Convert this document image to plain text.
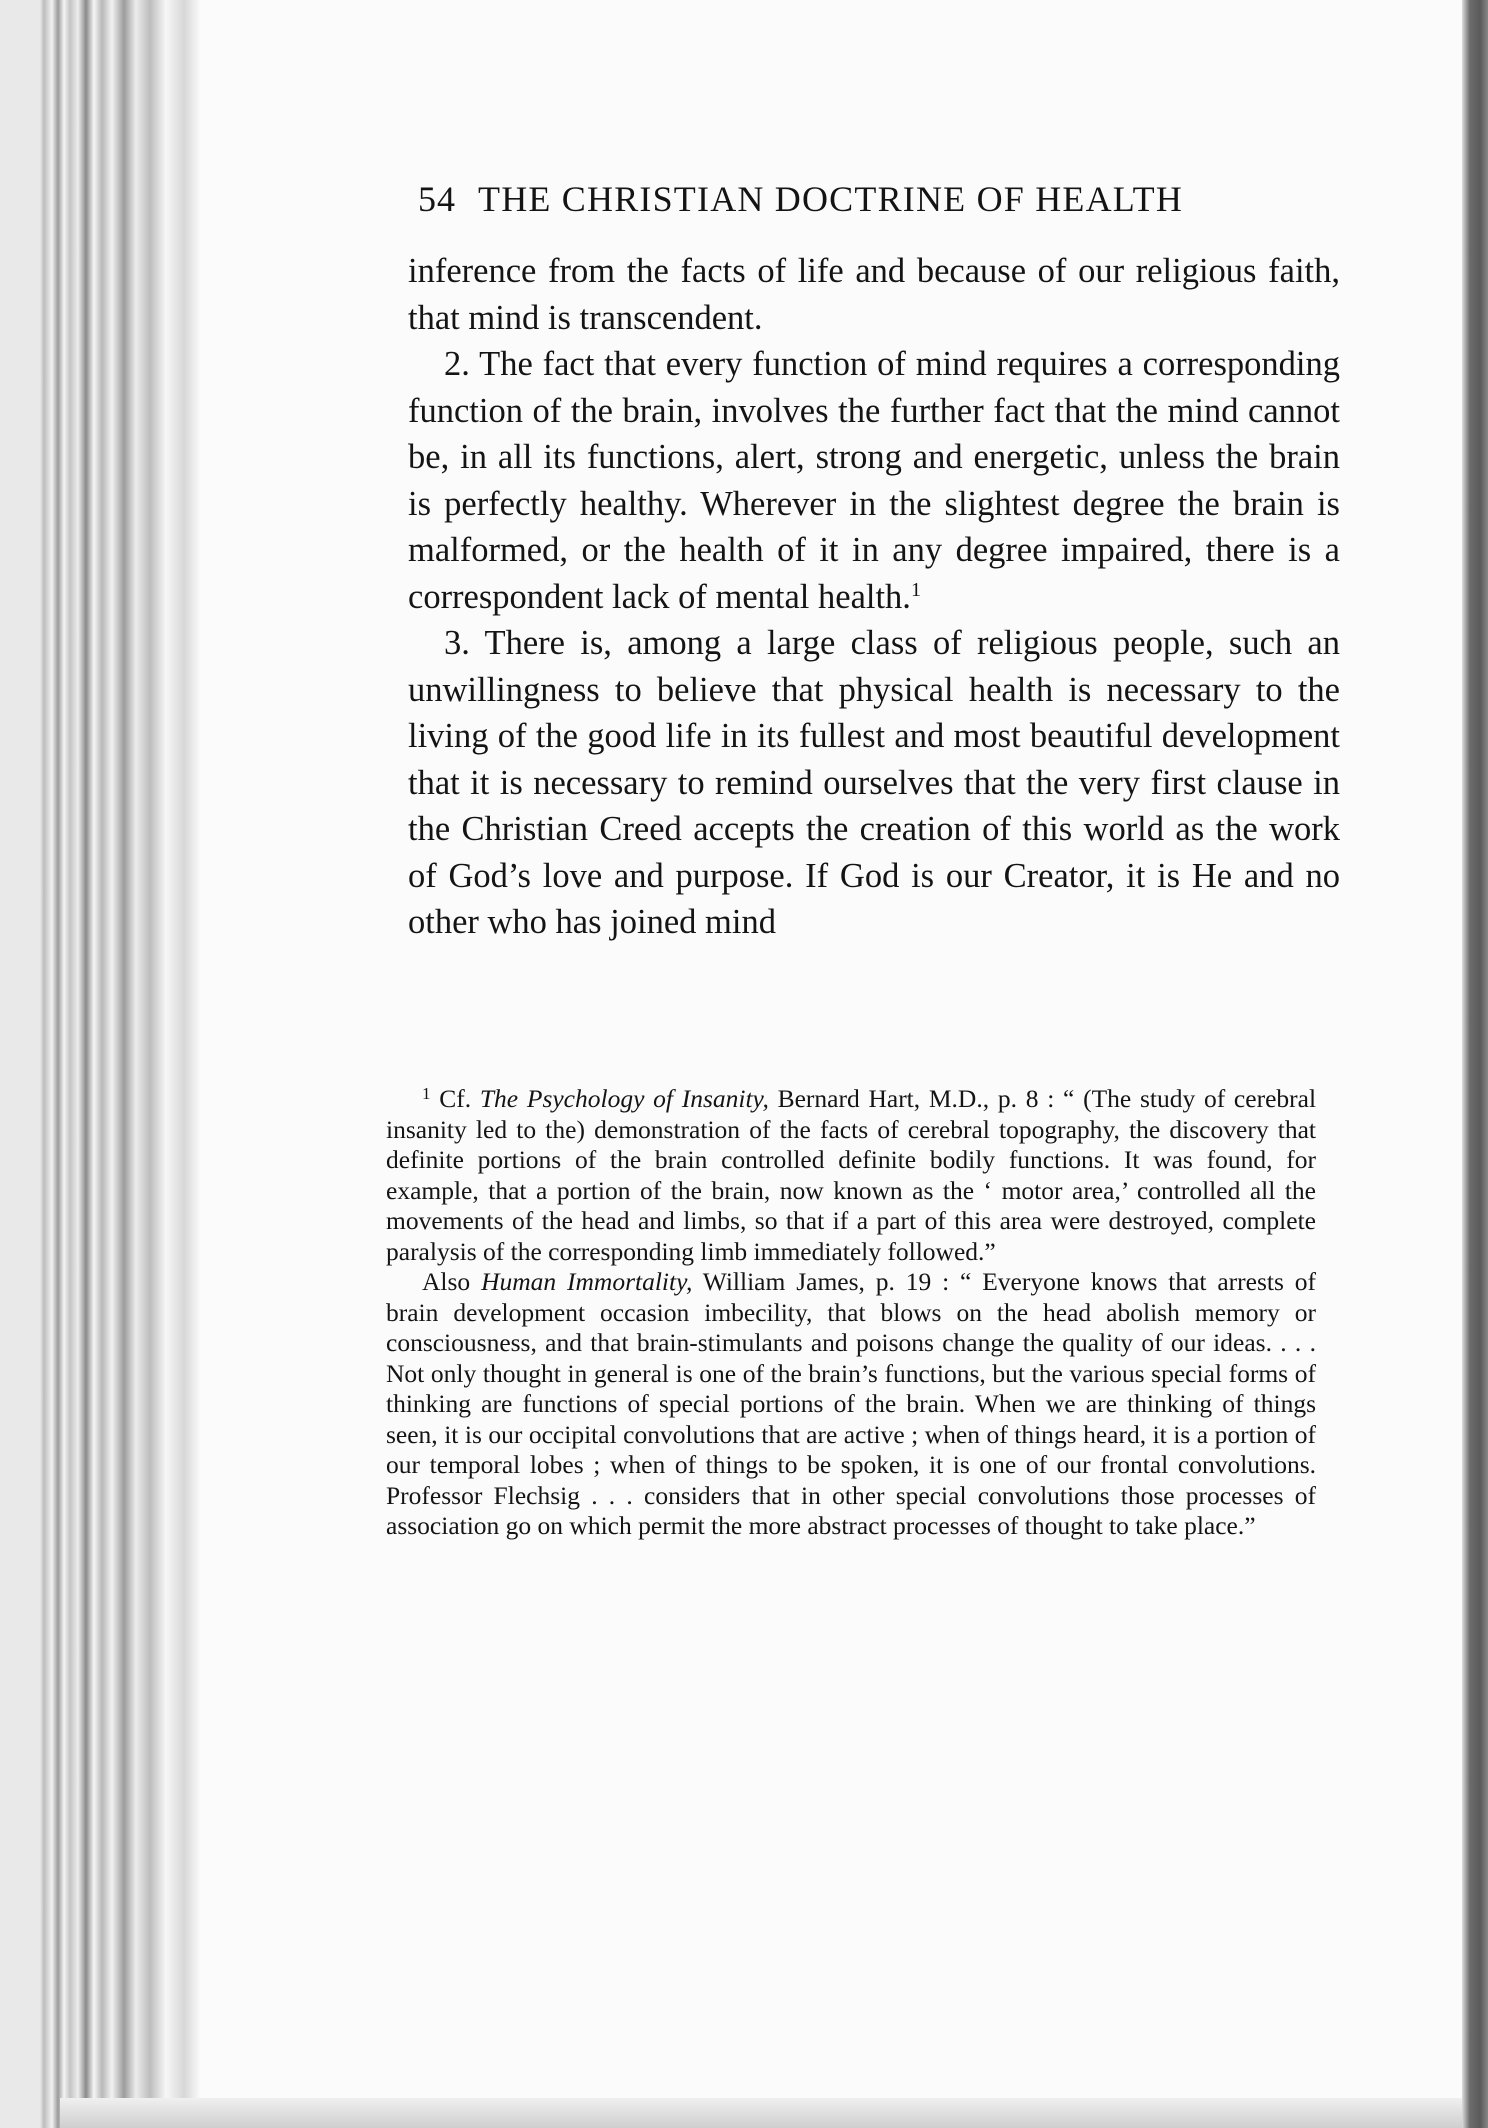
54 THE CHRISTIAN DOCTRINE OF HEALTH

inference from the facts of life and because of our religious faith, that mind is transcendent.

2. The fact that every function of mind requires a corresponding function of the brain, involves the further fact that the mind cannot be, in all its functions, alert, strong and energetic, unless the brain is perfectly healthy. Wherever in the slightest degree the brain is malformed, or the health of it in any degree impaired, there is a correspondent lack of mental health.$^1$

3. There is, among a large class of religious people, such an unwillingness to believe that physical health is necessary to the living of the good life in its fullest and most beautiful development that it is necessary to remind ourselves that the very first clause in the Christian Creed accepts the creation of this world as the work of God’s love and purpose. If God is our Creator, it is He and no other who has joined mind

$^1$ Cf. The Psychology of Insanity, Bernard Hart, M.D., p. 8 : “ (The study of cerebral insanity led to the) demonstration of the facts of cerebral topography, the discovery that definite portions of the brain controlled definite bodily functions. It was found, for example, that a portion of the brain, now known as the ‘ motor area,’ controlled all the movements of the head and limbs, so that if a part of this area were destroyed, complete paralysis of the corresponding limb immediately followed.”

Also Human Immortality, William James, p. 19 : “ Everyone knows that arrests of brain development occasion imbecility, that blows on the head abolish memory or consciousness, and that brain-stimulants and poisons change the quality of our ideas. . . . Not only thought in general is one of the brain’s functions, but the various special forms of thinking are functions of special portions of the brain. When we are thinking of things seen, it is our occipital convolutions that are active ; when of things heard, it is a portion of our temporal lobes ; when of things to be spoken, it is one of our frontal convolutions. Professor Flechsig . . . considers that in other special convolutions those processes of association go on which permit the more abstract processes of thought to take place.”
